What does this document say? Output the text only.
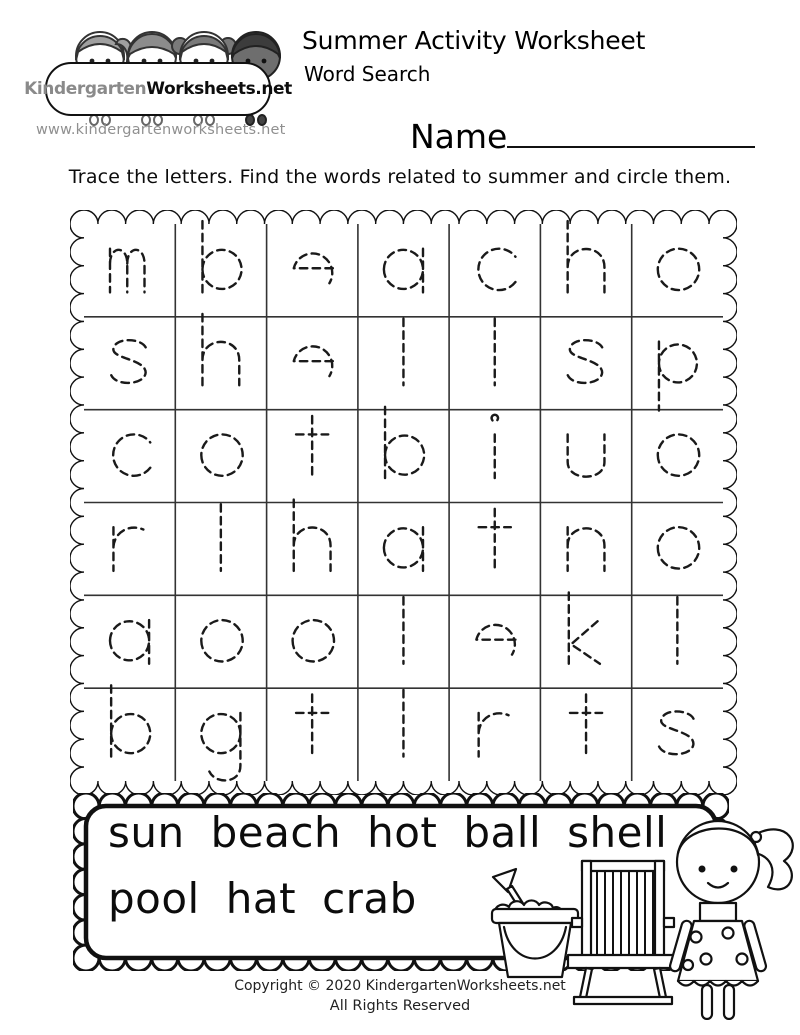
Kindergarten Worksheets.net
www.kindergartenworksheets.net
Summer Activity Worksheet
Word Search
Name
Trace the letters. Find the words related to summer and circle them.
sun beach hot ball shell
pool hat crab
Copyright © 2020 KindergartenWorksheets.net
All Rights Reserved
